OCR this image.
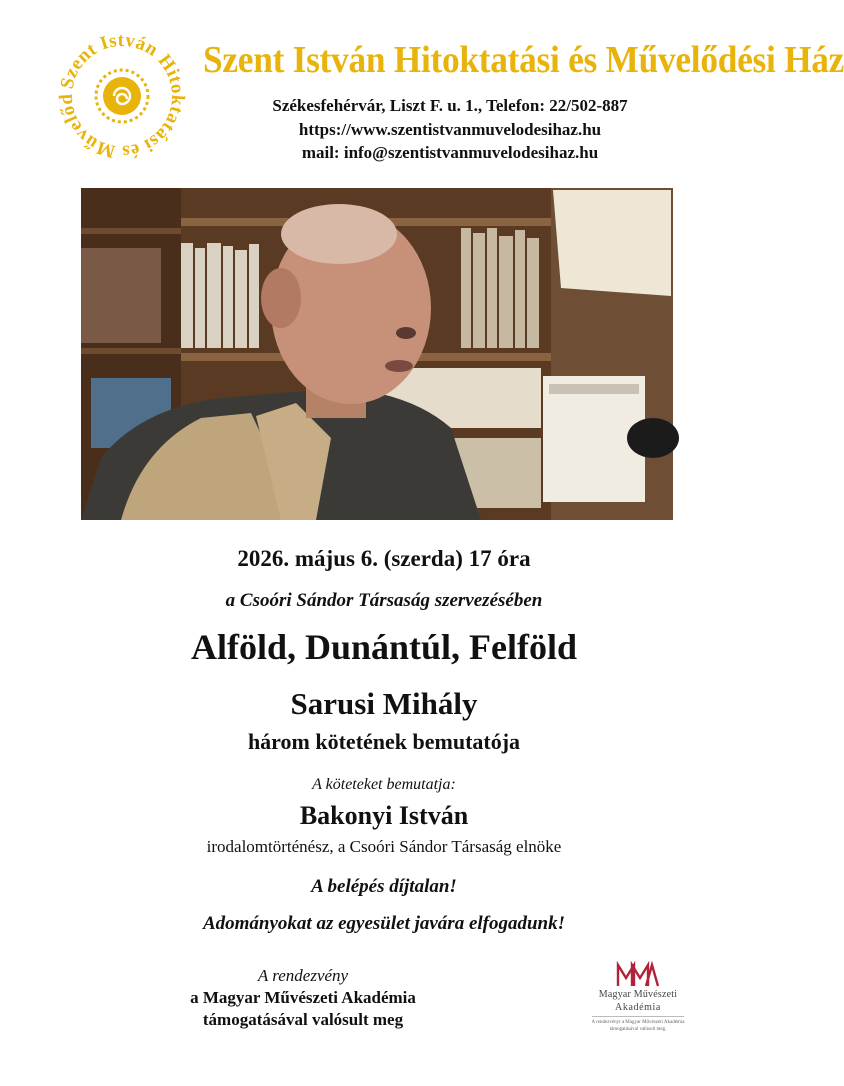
Szent István Hitoktatási és Művelőd
Szent István Hitoktatási és Művelődési Ház
Székesfehérvár, Liszt F. u. 1., Telefon: 22/502-887
https://www.szentistvanmuvelodesihaz.hu
mail: info@szentistvanmuvelodesihaz.hu
2026. május 6. (szerda) 17 óra
a Csoóri Sándor Társaság szervezésében
Alföld, Dunántúl, Felföld
Sarusi Mihály
három kötetének bemutatója
A köteteket bemutatja:
Bakonyi István
irodalomtörténész, a Csoóri Sándor Társaság elnöke
A belépés díjtalan!
Adományokat az egyesület javára elfogadunk!
A rendezvény
a Magyar Művészeti Akadémia
támogatásával valósult meg
Magyar Művészeti
Akadémia
A rendezvényt a Magyar Művészeti Akadémia
támogatásával valósult meg.
